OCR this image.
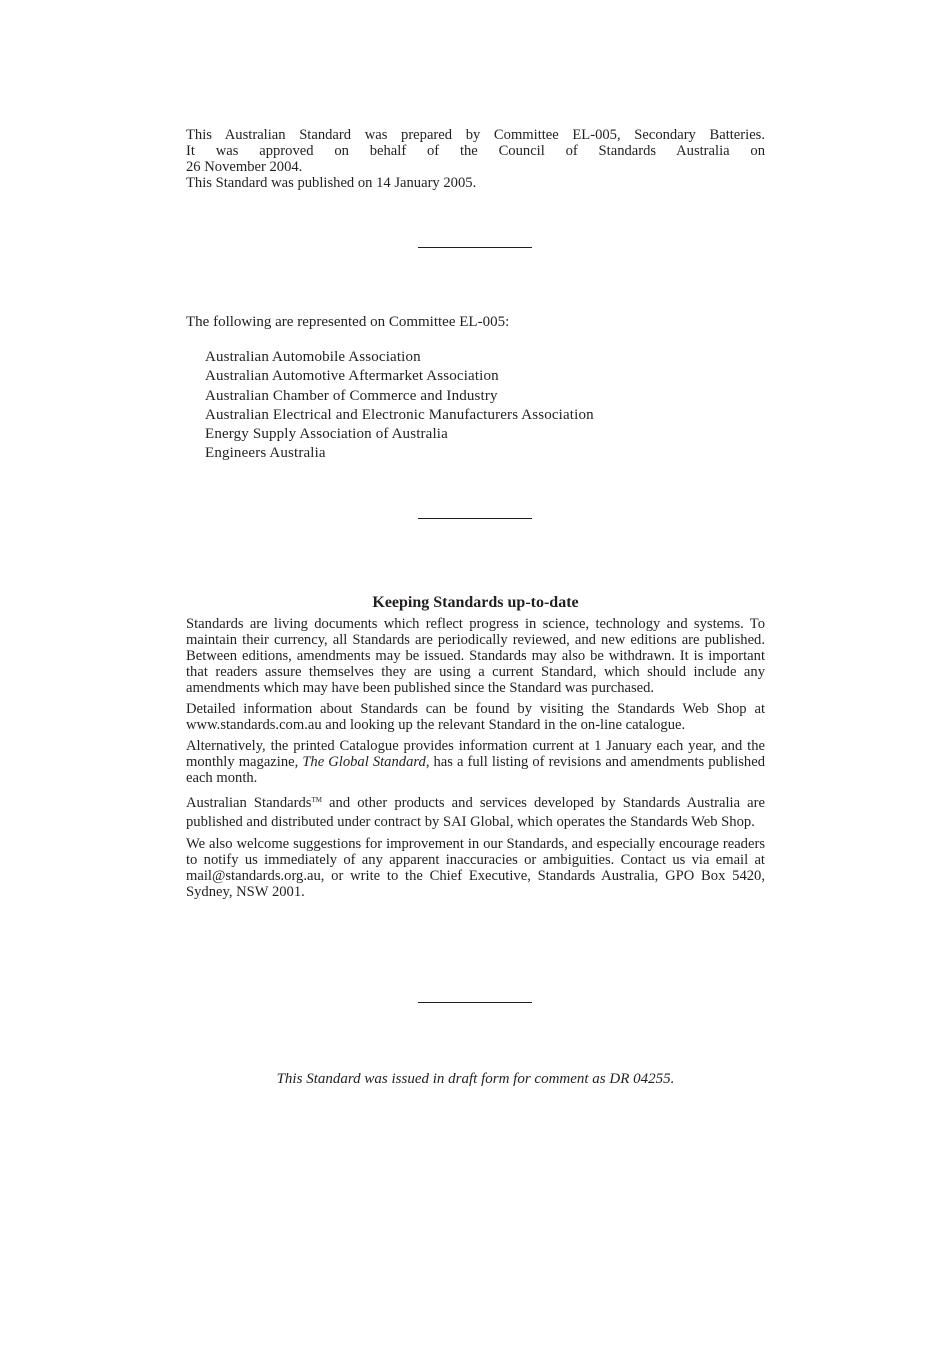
This Australian Standard was prepared by Committee EL-005, Secondary Batteries.
It was approved on behalf of the Council of Standards Australia on
26 November 2004.
This Standard was published on 14 January 2005.
The following are represented on Committee EL-005:
Australian Automobile Association
Australian Automotive Aftermarket Association
Australian Chamber of Commerce and Industry
Australian Electrical and Electronic Manufacturers Association
Energy Supply Association of Australia
Engineers Australia
Keeping Standards up-to-date

Standards are living documents which reflect progress in science, technology and systems. To maintain their currency, all Standards are periodically reviewed, and new editions are published. Between editions, amendments may be issued. Standards may also be withdrawn. It is important that readers assure themselves they are using a current Standard, which should include any amendments which may have been published since the Standard was purchased.

Detailed information about Standards can be found by visiting the Standards Web Shop at www.standards.com.au and looking up the relevant Standard in the on-line catalogue.

Alternatively, the printed Catalogue provides information current at 1 January each year, and the monthly magazine, The Global Standard, has a full listing of revisions and amendments published each month.

Australian Standards™ and other products and services developed by Standards Australia are published and distributed under contract by SAI Global, which operates the Standards Web Shop.

We also welcome suggestions for improvement in our Standards, and especially encourage readers to notify us immediately of any apparent inaccuracies or ambiguities. Contact us via email at mail@standards.org.au, or write to the Chief Executive, Standards Australia, GPO Box 5420, Sydney, NSW 2001.

This Standard was issued in draft form for comment as DR 04255.
